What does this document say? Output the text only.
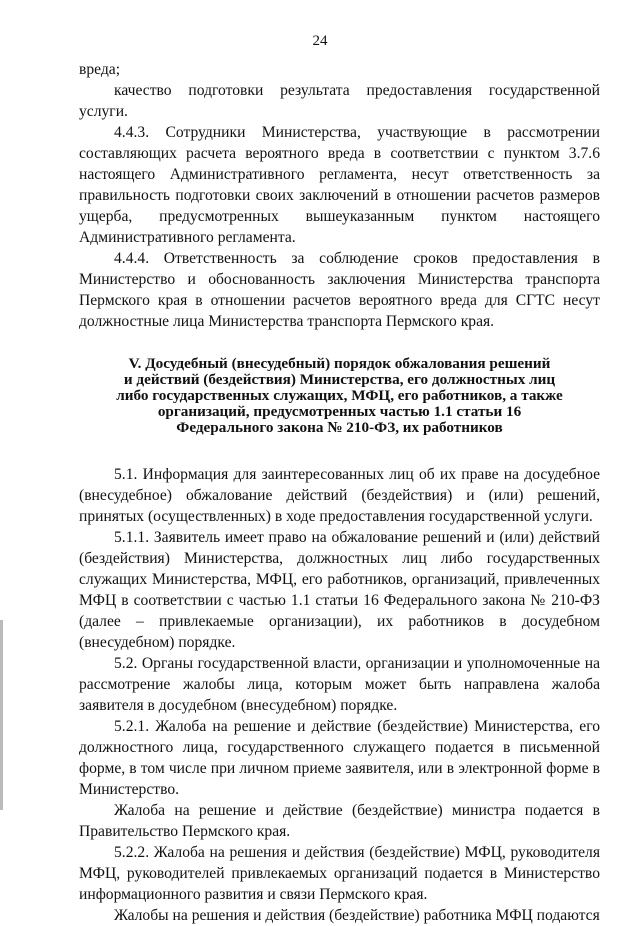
24

вреда;

качество подготовки результата предоставления государственной услуги.

4.4.3. Сотрудники Министерства, участвующие в рассмотрении составляющих расчета вероятного вреда в соответствии с пунктом 3.7.6 настоящего Административного регламента, несут ответственность за правильность подготовки своих заключений в отношении расчетов размеров ущерба, предусмотренных вышеуказанным пунктом настоящего Административного регламента.

4.4.4. Ответственность за соблюдение сроков предоставления в Министерство и обоснованность заключения Министерства транспорта Пермского края в отношении расчетов вероятного вреда для СГТС несут должностные лица Министерства транспорта Пермского края.

V. Досудебный (внесудебный) порядок обжалования решений
и действий (бездействия) Министерства, его должностных лиц
либо государственных служащих, МФЦ, его работников, а также
организаций, предусмотренных частью 1.1 статьи 16
Федерального закона № 210-ФЗ, их работников

5.1. Информация для заинтересованных лиц об их праве на досудебное (внесудебное) обжалование действий (бездействия) и (или) решений, принятых (осуществленных) в ходе предоставления государственной услуги.

5.1.1. Заявитель имеет право на обжалование решений и (или) действий (бездействия) Министерства, должностных лиц либо государственных служащих Министерства, МФЦ, его работников, организаций, привлеченных МФЦ в соответствии с частью 1.1 статьи 16 Федерального закона № 210-ФЗ (далее – привлекаемые организации), их работников в досудебном (внесудебном) порядке.

5.2. Органы государственной власти, организации и уполномоченные на рассмотрение жалобы лица, которым может быть направлена жалоба заявителя в досудебном (внесудебном) порядке.

5.2.1. Жалоба на решение и действие (бездействие) Министерства, его должностного лица, государственного служащего подается в письменной форме, в том числе при личном приеме заявителя, или в электронной форме в Министерство.

Жалоба на решение и действие (бездействие) министра подается в Правительство Пермского края.

5.2.2. Жалоба на решения и действия (бездействие) МФЦ, руководителя МФЦ, руководителей привлекаемых организаций подается в Министерство информационного развития и связи Пермского края.

Жалобы на решения и действия (бездействие) работника МФЦ подаются
